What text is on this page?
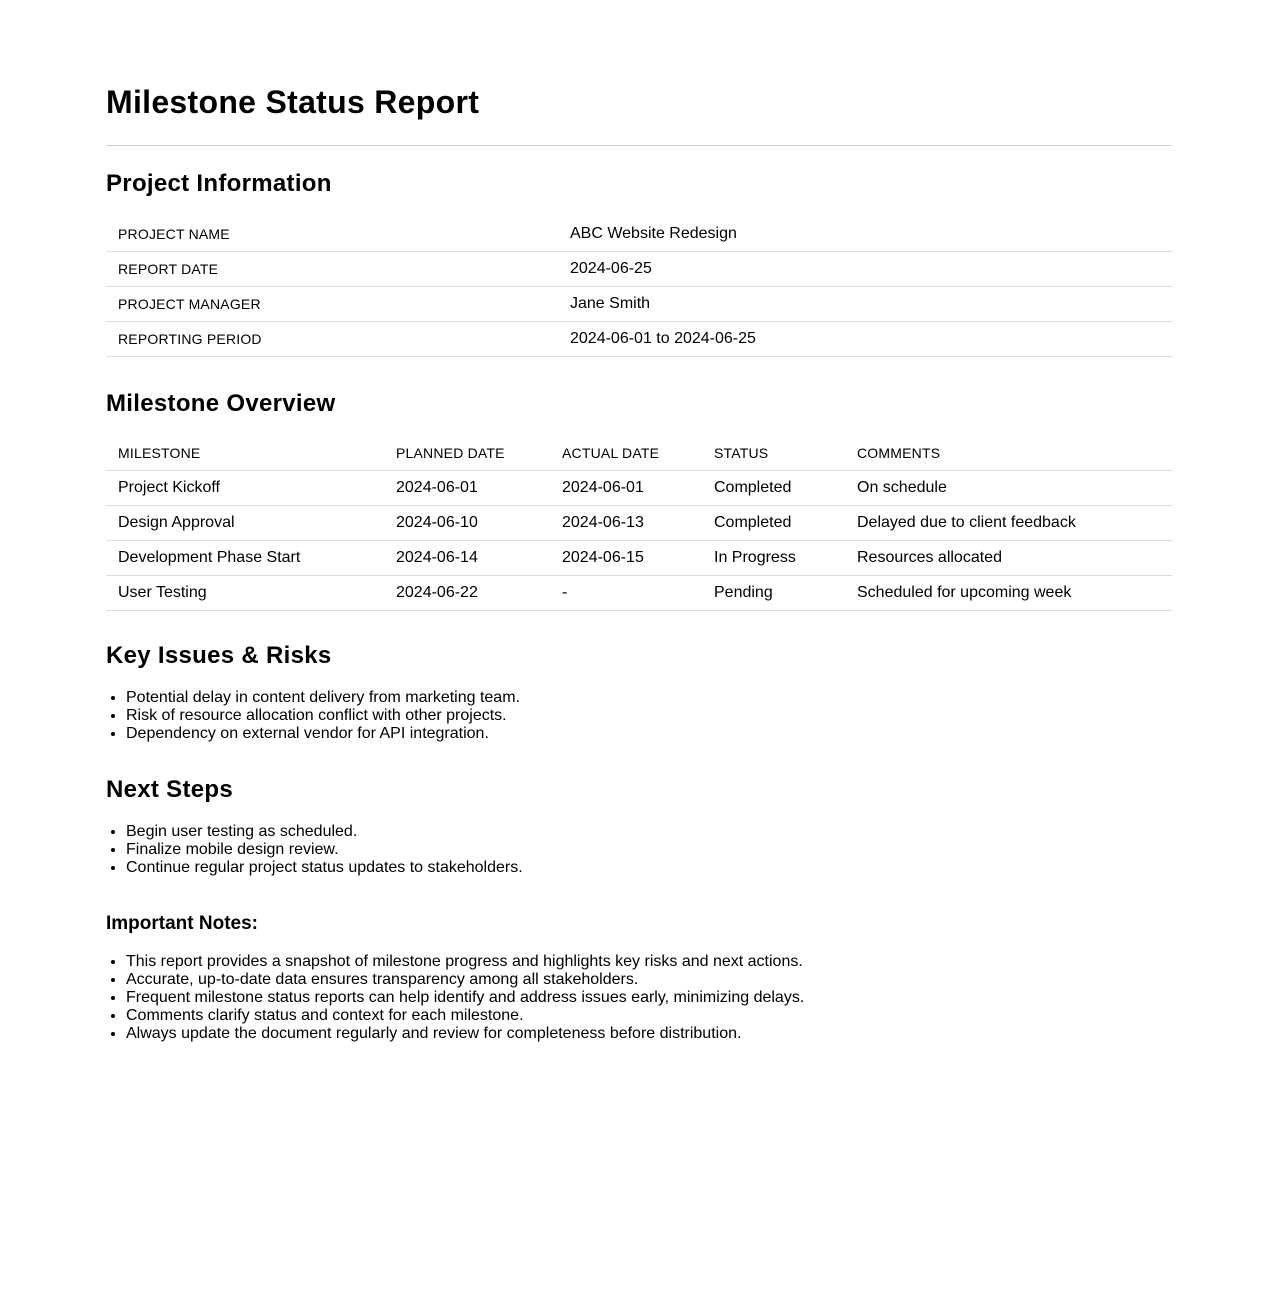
Milestone Status Report
Project Information
PROJECT NAME	ABC Website Redesign
REPORT DATE	2024-06-25
PROJECT MANAGER	Jane Smith
REPORTING PERIOD	2024-06-01 to 2024-06-25
Milestone Overview
MILESTONE	PLANNED DATE	ACTUAL DATE	STATUS	COMMENTS
Project Kickoff	2024-06-01	2024-06-01	Completed	On schedule
Design Approval	2024-06-10	2024-06-13	Completed	Delayed due to client feedback
Development Phase Start	2024-06-14	2024-06-15	In Progress	Resources allocated
User Testing	2024-06-22	-	Pending	Scheduled for upcoming week
Key Issues & Risks
• Potential delay in content delivery from marketing team.
• Risk of resource allocation conflict with other projects.
• Dependency on external vendor for API integration.
Next Steps
• Begin user testing as scheduled.
• Finalize mobile design review.
• Continue regular project status updates to stakeholders.
Important Notes:
• This report provides a snapshot of milestone progress and highlights key risks and next actions.
• Accurate, up-to-date data ensures transparency among all stakeholders.
• Frequent milestone status reports can help identify and address issues early, minimizing delays.
• Comments clarify status and context for each milestone.
• Always update the document regularly and review for completeness before distribution.
